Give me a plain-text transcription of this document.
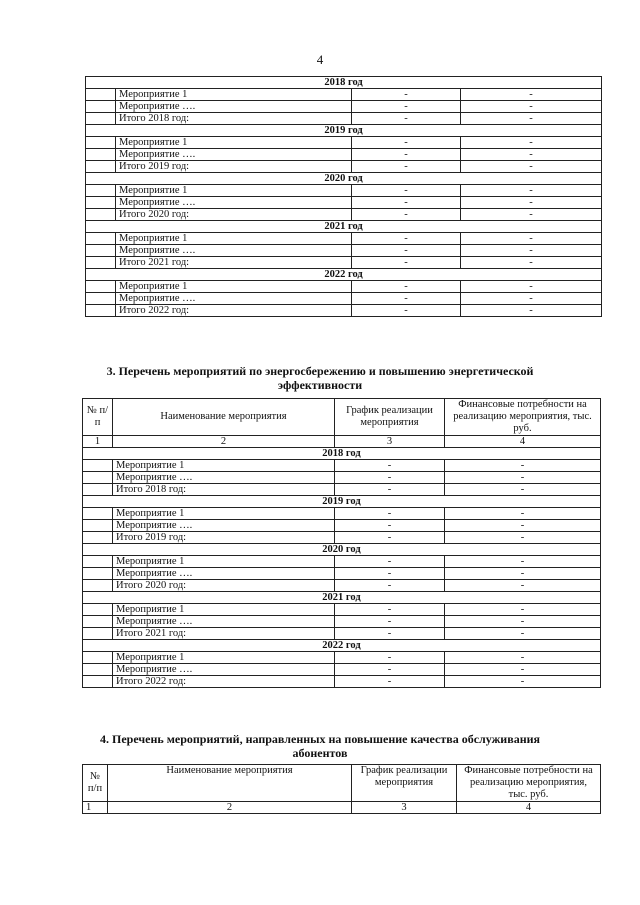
4
2018 год			
	Мероприятие 1	-	-
	Мероприятие ….	-	-
	Итого 2018 год:	-	-
2019 год			
	Мероприятие 1	-	-
	Мероприятие ….	-	-
	Итого 2019 год:	-	-
2020 год			
	Мероприятие 1	-	-
	Мероприятие ….	-	-
	Итого 2020 год:	-	-
2021 год			
	Мероприятие 1	-	-
	Мероприятие ….	-	-
	Итого 2021 год:	-	-
2022 год			
	Мероприятие 1	-	-
	Мероприятие ….	-	-
	Итого 2022 год:	-	-
3. Перечень мероприятий по энергосбережению и повышению энергетической
эффективности
№ п/п	Наименование мероприятия	График реализации мероприятия	Финансовые потребности на реализацию мероприятия, тыс. руб.
1	2	3	4
2018 год			
	Мероприятие 1	-	-
	Мероприятие ….	-	-
	Итого 2018 год:	-	-
2019 год			
	Мероприятие 1	-	-
	Мероприятие ….	-	-
	Итого 2019 год:	-	-
2020 год			
	Мероприятие 1	-	-
	Мероприятие ….	-	-
	Итого 2020 год:	-	-
2021 год			
	Мероприятие 1	-	-
	Мероприятие ….	-	-
	Итого 2021 год:	-	-
2022 год			
	Мероприятие 1	-	-
	Мероприятие ….	-	-
	Итого 2022 год:	-	-
4. Перечень мероприятий, направленных на повышение качества обслуживания
абонентов
№ п/п	Наименование мероприятия	График реализации мероприятия	Финансовые потребности на реализацию мероприятия, тыс. руб.
1	2	3	4
